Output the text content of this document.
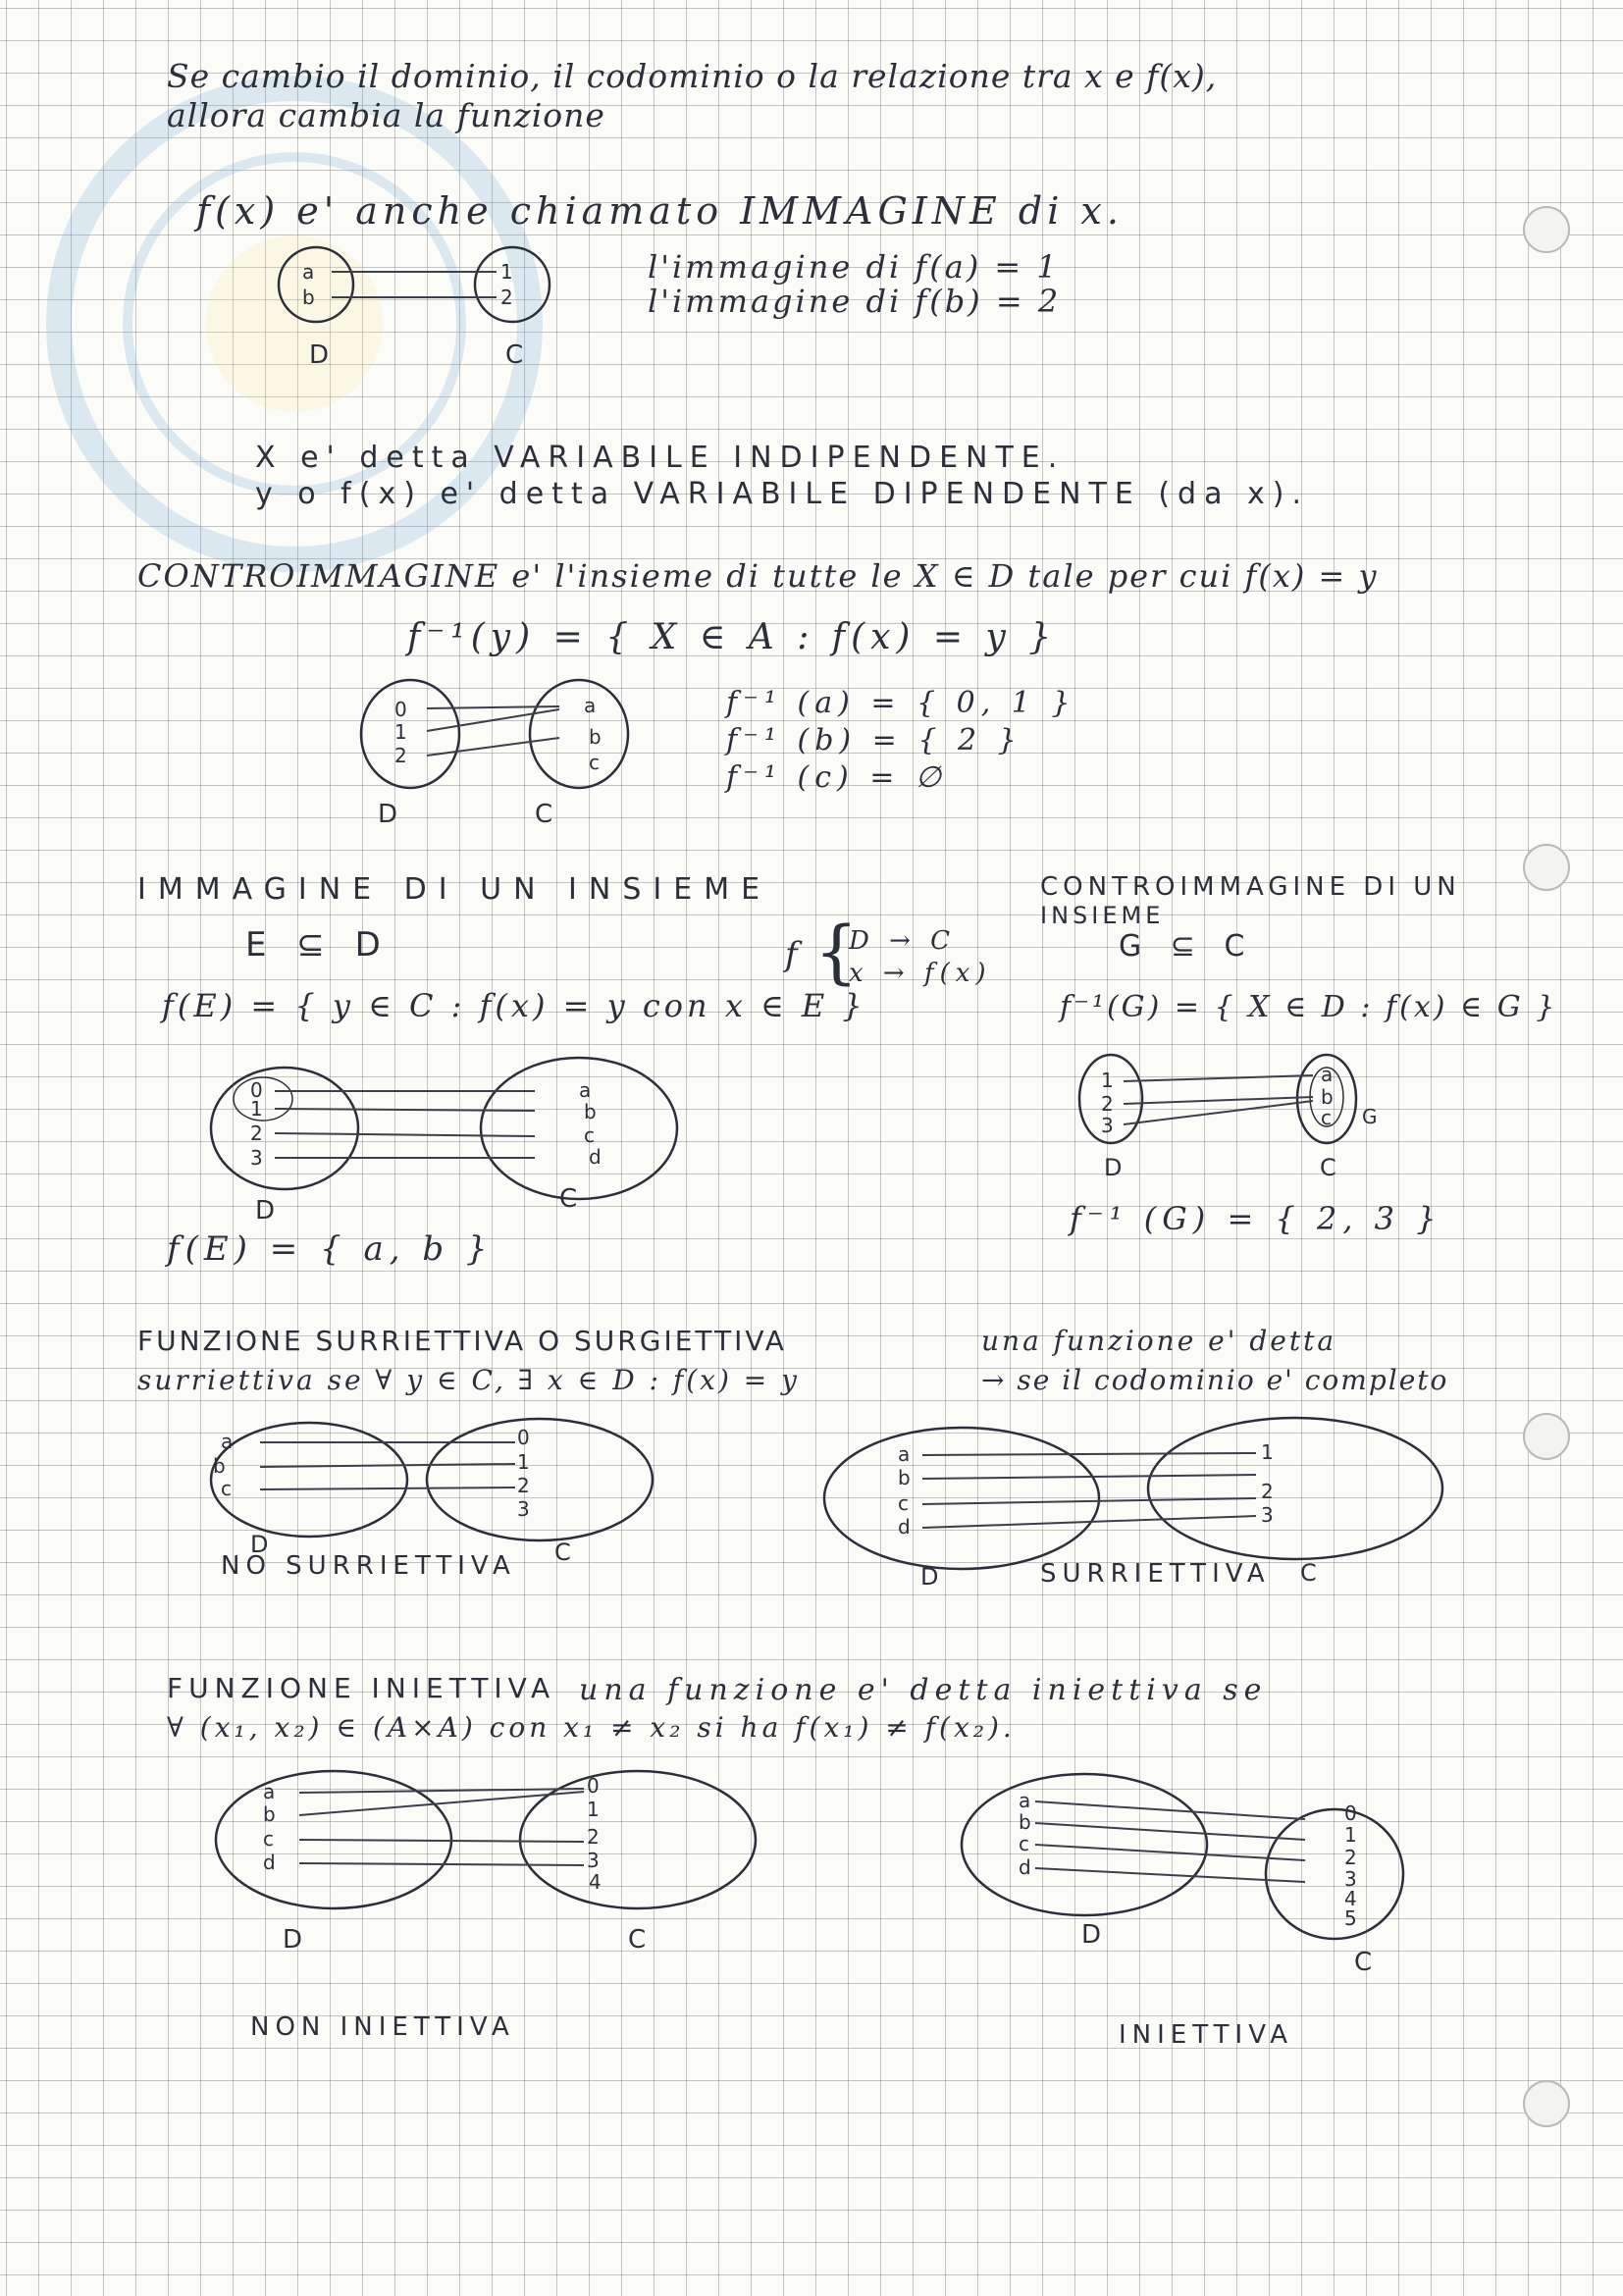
Se cambio il dominio, il codominio o la relazione tra x e f(x),
allora cambia la funzione
f(x) e' anche chiamato IMMAGINE di x.
a
b
1
2
D	C
l'immagine di f(a) = 1
l'immagine di f(b) = 2
X e' detta VARIABILE INDIPENDENTE.
y o f(x) e' detta VARIABILE DIPENDENTE (da x).
CONTROIMMAGINE e' l'insieme di tutte le X ∈ D tale per cui f(x) = y
f⁻¹(y) = { X ∈ A : f(x) = y }
0
1
2
a
b
c
D	C
f⁻¹ (a) = { 0, 1 }
f⁻¹ (b) = { 2 }
f⁻¹ (c) = ∅
IMMAGINE DI UN INSIEME
E ⊆ D	f {
D → C
x → f(x)
f(E) = { y ∈ C : f(x) = y con x ∈ E }
0
1
2
3
a
b
c
d
D	C
f(E) = { a, b }
CONTROIMMAGINE DI UN
INSIEME
G ⊆ C
f⁻¹(G) = { X ∈ D : f(x) ∈ G }
1
2
3
a
b
c G
D	C
f⁻¹ (G) = { 2, 3 }
FUNZIONE SURRIETTIVA O SURGIETTIVA	una funzione e' detta
surriettiva se ∀ y ∈ C, ∃ x ∈ D : f(x) = y	→ se il codominio e' completo
a
b
c
0
1
2
3
D	C
NO SURRIETTIVA
a
b
c
d
1
2
3
D	C
SURRIETTIVA
FUNZIONE INIETTIVA una funzione e' detta iniettiva se
∀ (x₁, x₂) ∈ (A×A) con x₁ ≠ x₂ si ha f(x₁) ≠ f(x₂).
a
b
c
d
0
1
2
3
4
D	C
NON INIETTIVA
a
b
c
d
0
1
2
3
4
5
D
C
INIETTIVA
